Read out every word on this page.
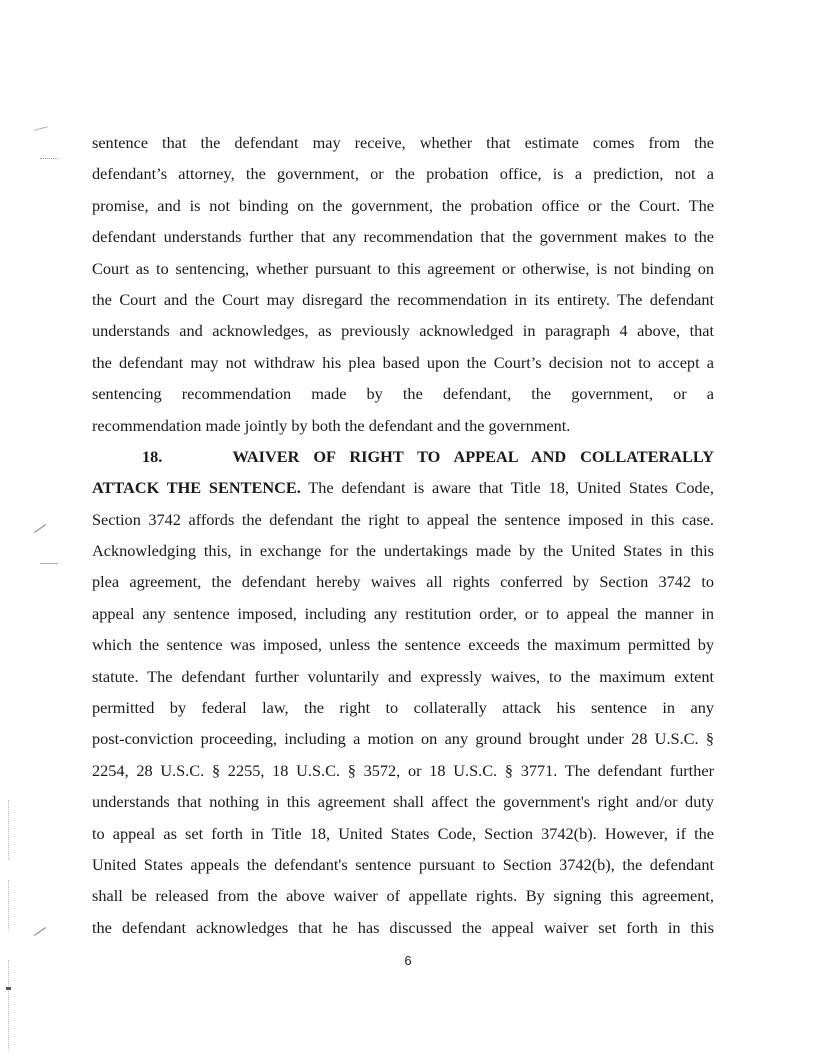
sentence that the defendant may receive, whether that estimate comes from the
defendant’s attorney, the government, or the probation office, is a prediction, not a
promise, and is not binding on the government, the probation office or the Court. The
defendant understands further that any recommendation that the government makes to the
Court as to sentencing, whether pursuant to this agreement or otherwise, is not binding on
the Court and the Court may disregard the recommendation in its entirety. The defendant
understands and acknowledges, as previously acknowledged in paragraph 4 above, that
the defendant may not withdraw his plea based upon the Court’s decision not to accept a
sentencing recommendation made by the defendant, the government, or a
recommendation made jointly by both the defendant and the government.
18.	WAIVER OF RIGHT TO APPEAL AND COLLATERALLY
ATTACK THE SENTENCE. The defendant is aware that Title 18, United States Code,
Section 3742 affords the defendant the right to appeal the sentence imposed in this case.
Acknowledging this, in exchange for the undertakings made by the United States in this
plea agreement, the defendant hereby waives all rights conferred by Section 3742 to
appeal any sentence imposed, including any restitution order, or to appeal the manner in
which the sentence was imposed, unless the sentence exceeds the maximum permitted by
statute. The defendant further voluntarily and expressly waives, to the maximum extent
permitted by federal law, the right to collaterally attack his sentence in any
post-conviction proceeding, including a motion on any ground brought under 28 U.S.C. §
2254, 28 U.S.C. § 2255, 18 U.S.C. § 3572, or 18 U.S.C. § 3771. The defendant further
understands that nothing in this agreement shall affect the government's right and/or duty
to appeal as set forth in Title 18, United States Code, Section 3742(b). However, if the
United States appeals the defendant's sentence pursuant to Section 3742(b), the defendant
shall be released from the above waiver of appellate rights. By signing this agreement,
the defendant acknowledges that he has discussed the appeal waiver set forth in this
6
